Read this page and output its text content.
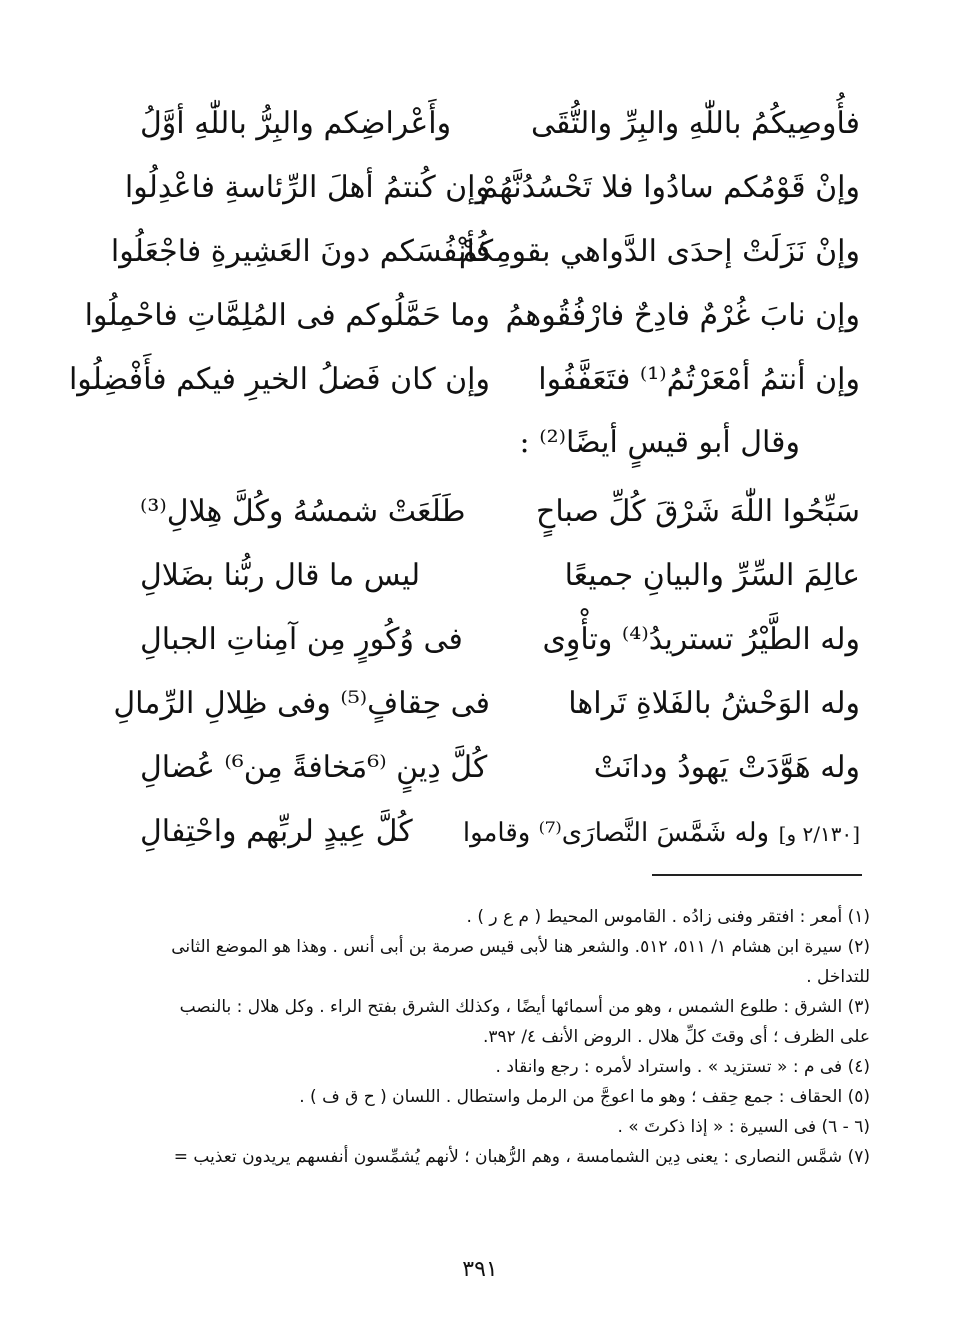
فأُوصِيكُمُ باللّٰهِ والبِرِّ والتُّقَى
وأَعْراضِكم والبِرُّ باللّٰهِ أوَّلُ
وإنْ قَوْمُكم سادُوا فلا تَحْسُدُنَّهُمْ
وإن كُنتمُ أهلَ الرِّئاسةِ فاعْدِلُوا
وإنْ نَزَلَتْ إحدَى الدَّواهي بقومِكُمْ
فأنْفُسَكم دونَ العَشِيرةِ فاجْعَلُوا
وإن نابَ غُرْمٌ فادِحٌ فارْفُقُوهمُ
وما حَمَّلُوكم فى المُلِمَّاتِ فاحْمِلُوا
وإن أنتمُ أمْعَرْتُمُ⁽¹⁾ فتَعَفَّفُوا
وإن كان فَضلُ الخيرِ فيكم فأَفْضِلُوا
وقال أبو قيسٍ أيضًا⁽²⁾ :
سَبِّحُوا اللّٰهَ شَرْقَ كُلِّ صباحٍ
طَلَعَتْ شمسُهُ وكُلَّ هِلالِ⁽³⁾
عالِمَ السِّرِّ والبيانِ جميعًا
ليس ما قال ربُّنا بضَلالِ
وله الطَّيْرُ تستريدُ⁽⁴⁾ وتأْوِى
فى وُكُورٍ مِن آمِناتِ الجبالِ
وله الوَحْشُ بالفَلاةِ تَراها
فى حِقافٍ⁽⁵⁾ وفى ظِلالِ الرِّمالِ
وله هَوَّدَتْ يَهودُ ودانَتْ
كُلَّ دِينٍ ⁽⁶مَخافةً مِن⁶⁾ عُضالِ
[٢/١٣٠ و] وله شَمَّسَ النَّصارَى⁽⁷⁾ وقاموا
كُلَّ عِيدٍ لربِّهم واحْتِفالِ
(١) أمعر : افتقر وفنى زادُه . القاموس المحيط ( م ع ر ) .
(٢) سيرة ابن هشام ١/ ٥١١، ٥١٢. والشعر هنا لأبى قيس صرمة بن أبى أنس . وهذا هو الموضع الثانى
للتداخل .
(٣) الشرق : طلوع الشمس ، وهو من أسمائها أيضًا ، وكذلك الشرق بفتح الراء . وكل هلال : بالنصب
على الظرف ؛ أى وقتَ كلِّ هلال . الروض الأنف ٤/ ٣٩٢.
(٤) فى م : « تستزيد » . واستراد لأمره : رجع وانقاد .
(٥) الحقاف : جمع حِقف ؛ وهو ما اعوجَّ من الرمل واستطال . اللسان ( ح ق ف ) .
(٦ - ٦) فى السيرة : « إذا ذكرتَ » .
(٧) شمَّس النصارى : يعنى دِين الشمامسة ، وهم الرُّهبان ؛ لأنهم يُشمِّسون أنفسهم يريدون تعذيب =
٣٩١
